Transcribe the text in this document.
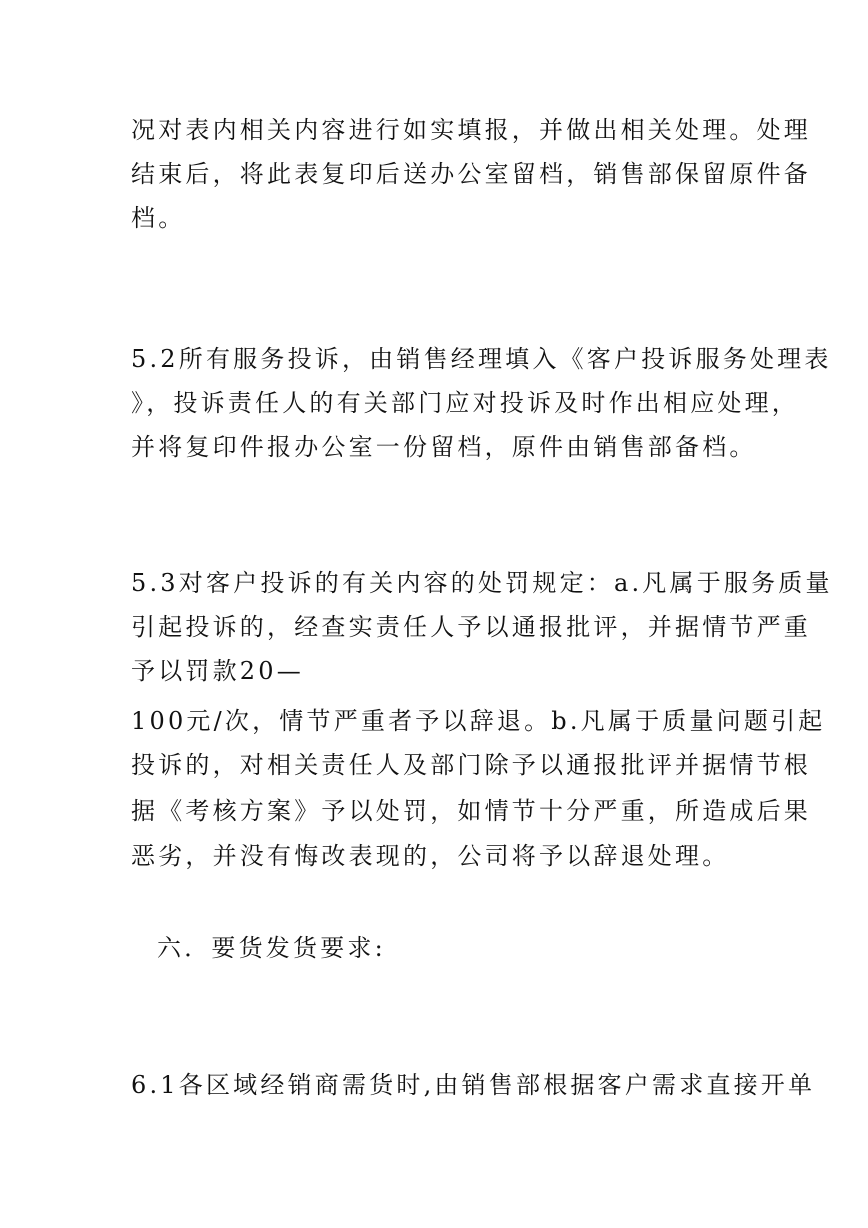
况对表内相关内容进行如实填报，并做出相关处理。处理
结束后，将此表复印后送办公室留档，销售部保留原件备
档。
5.2所有服务投诉，由销售经理填入《客户投诉服务处理表
》，投诉责任人的有关部门应对投诉及时作出相应处理，
并将复印件报办公室一份留档，原件由销售部备档。
5.3对客户投诉的有关内容的处罚规定：a.凡属于服务质量
引起投诉的，经查实责任人予以通报批评，并据情节严重
予以罚款20—
100元/次，情节严重者予以辞退。b.凡属于质量问题引起
投诉的，对相关责任人及部门除予以通报批评并据情节根
据《考核方案》予以处罚，如情节十分严重，所造成后果
恶劣，并没有悔改表现的，公司将予以辞退处理。
六．要货发货要求:
6.1各区域经销商需货时,由销售部根据客户需求直接开单
